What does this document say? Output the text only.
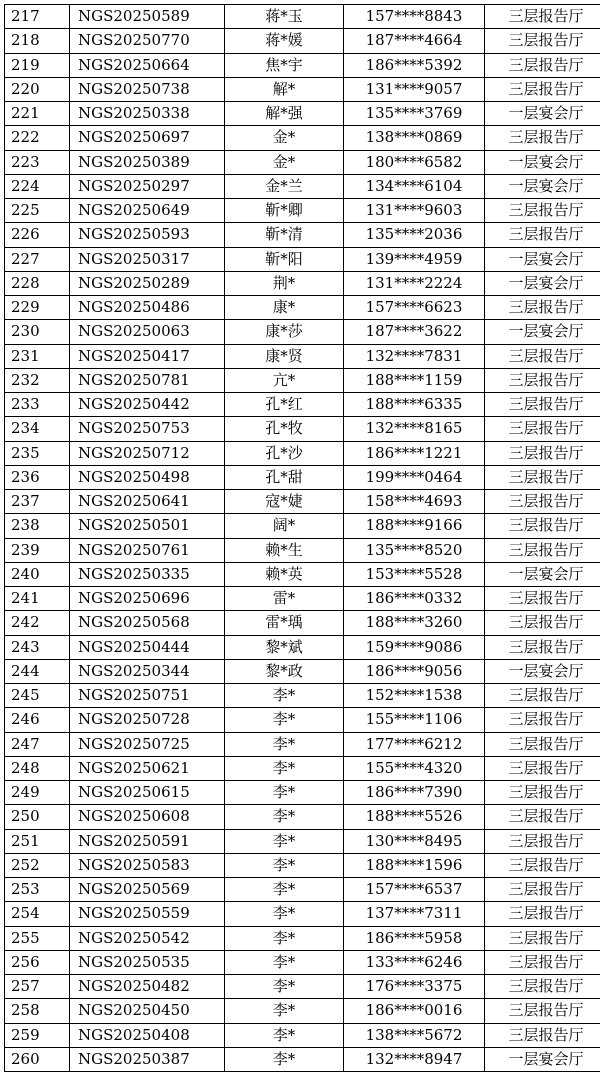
217	NGS20250589	蒋*玉	157****8843	三层报告厅
218	NGS20250770	蒋*媛	187****4664	三层报告厅
219	NGS20250664	焦*宇	186****5392	三层报告厅
220	NGS20250738	解*	131****9057	三层报告厅
221	NGS20250338	解*强	135****3769	一层宴会厅
222	NGS20250697	金*	138****0869	三层报告厅
223	NGS20250389	金*	180****6582	一层宴会厅
224	NGS20250297	金*兰	134****6104	一层宴会厅
225	NGS20250649	靳*卿	131****9603	三层报告厅
226	NGS20250593	靳*清	135****2036	三层报告厅
227	NGS20250317	靳*阳	139****4959	一层宴会厅
228	NGS20250289	荆*	131****2224	一层宴会厅
229	NGS20250486	康*	157****6623	三层报告厅
230	NGS20250063	康*莎	187****3622	一层宴会厅
231	NGS20250417	康*贤	132****7831	三层报告厅
232	NGS20250781	亢*	188****1159	三层报告厅
233	NGS20250442	孔*红	188****6335	三层报告厅
234	NGS20250753	孔*牧	132****8165	三层报告厅
235	NGS20250712	孔*沙	186****1221	三层报告厅
236	NGS20250498	孔*甜	199****0464	三层报告厅
237	NGS20250641	寇*婕	158****4693	三层报告厅
238	NGS20250501	阔*	188****9166	三层报告厅
239	NGS20250761	赖*生	135****8520	三层报告厅
240	NGS20250335	赖*英	153****5528	一层宴会厅
241	NGS20250696	雷*	186****0332	三层报告厅
242	NGS20250568	雷*瑀	188****3260	三层报告厅
243	NGS20250444	黎*斌	159****9086	三层报告厅
244	NGS20250344	黎*政	186****9056	一层宴会厅
245	NGS20250751	李*	152****1538	三层报告厅
246	NGS20250728	李*	155****1106	三层报告厅
247	NGS20250725	李*	177****6212	三层报告厅
248	NGS20250621	李*	155****4320	三层报告厅
249	NGS20250615	李*	186****7390	三层报告厅
250	NGS20250608	李*	188****5526	三层报告厅
251	NGS20250591	李*	130****8495	三层报告厅
252	NGS20250583	李*	188****1596	三层报告厅
253	NGS20250569	李*	157****6537	三层报告厅
254	NGS20250559	李*	137****7311	三层报告厅
255	NGS20250542	李*	186****5958	三层报告厅
256	NGS20250535	李*	133****6246	三层报告厅
257	NGS20250482	李*	176****3375	三层报告厅
258	NGS20250450	李*	186****0016	三层报告厅
259	NGS20250408	李*	138****5672	三层报告厅
260	NGS20250387	李*	132****8947	一层宴会厅
